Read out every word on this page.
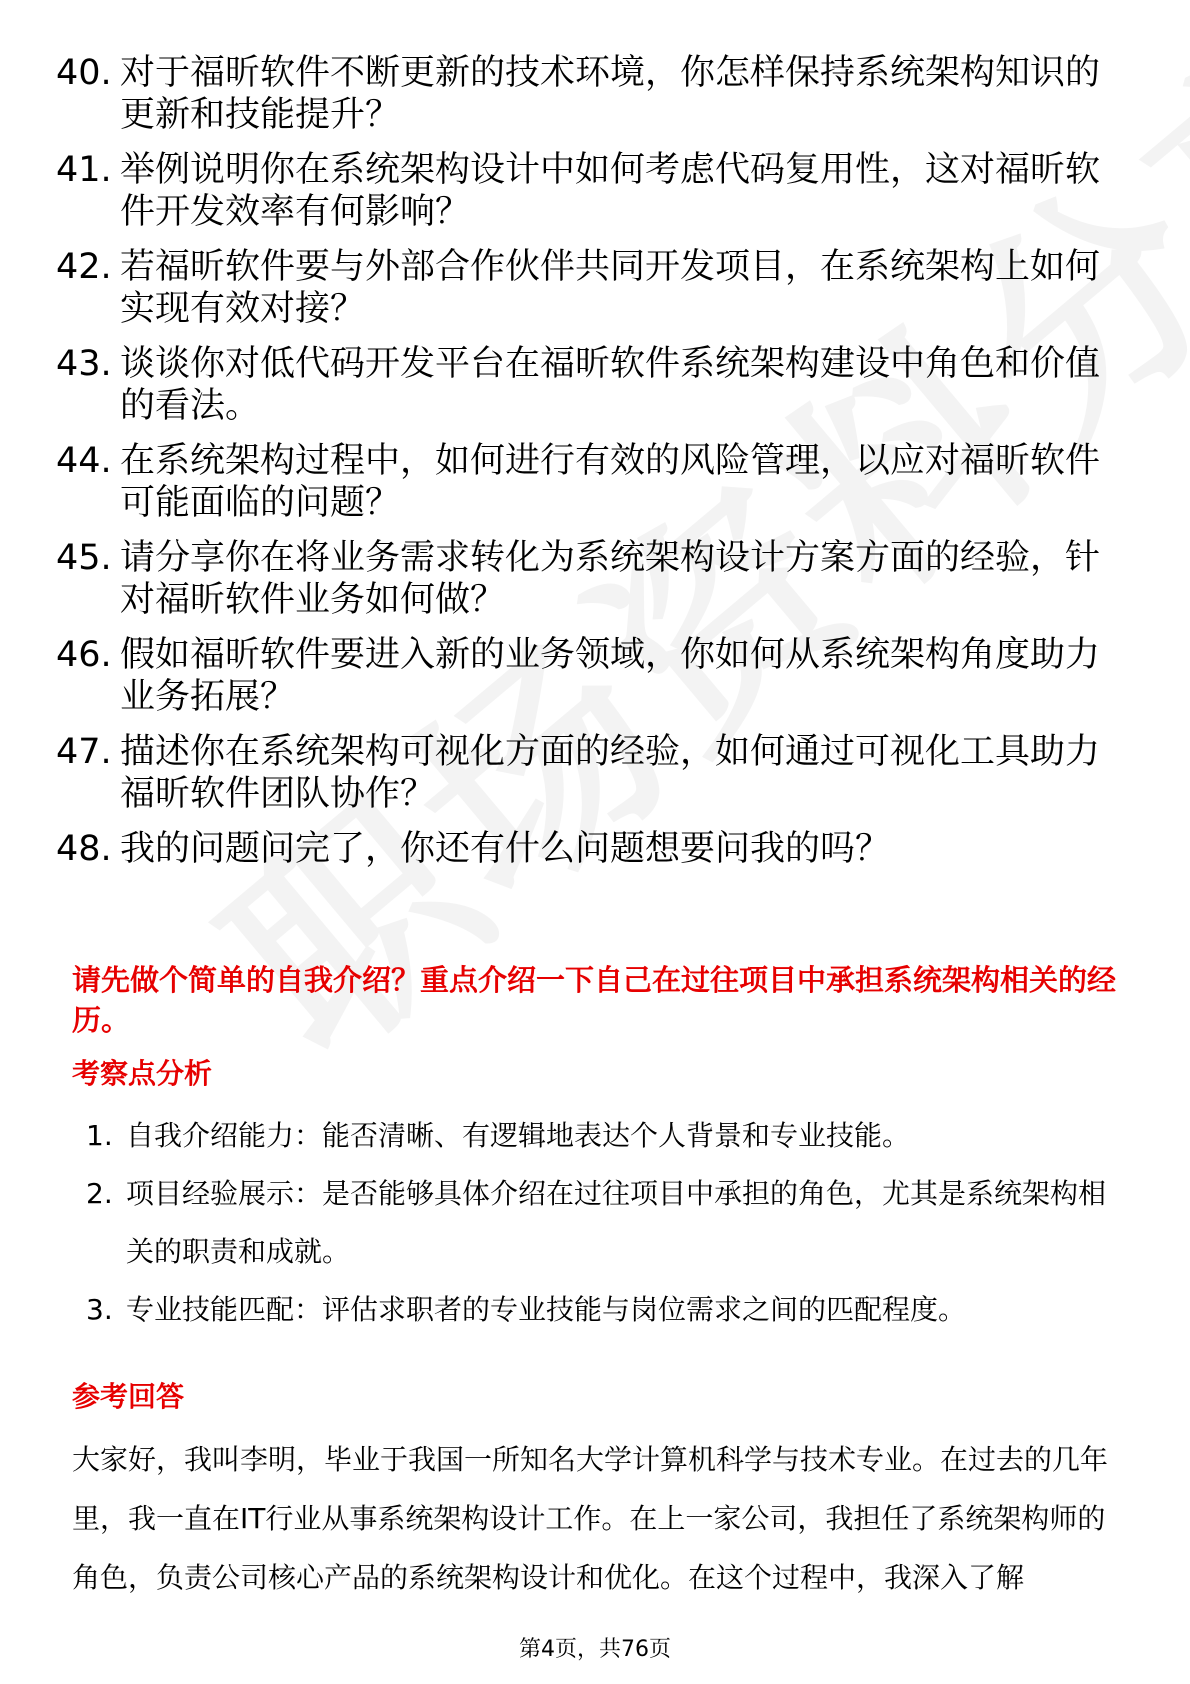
40. 对于福昕软件不断更新的技术环境，你怎样保持系统架构知识的更新和技能提升？
41. 举例说明你在系统架构设计中如何考虑代码复用性，这对福昕软件开发效率有何影响？
42. 若福昕软件要与外部合作伙伴共同开发项目，在系统架构上如何实现有效对接？
43. 谈谈你对低代码开发平台在福昕软件系统架构建设中角色和价值的看法。
44. 在系统架构过程中，如何进行有效的风险管理，以应对福昕软件可能面临的问题？
45. 请分享你在将业务需求转化为系统架构设计方案方面的经验，针对福昕软件业务如何做？
46. 假如福昕软件要进入新的业务领域，你如何从系统架构角度助力业务拓展？
47. 描述你在系统架构可视化方面的经验，如何通过可视化工具助力福昕软件团队协作？
48. 我的问题问完了，你还有什么问题想要问我的吗？
请先做个简单的自我介绍？重点介绍一下自己在过往项目中承担系统架构相关的经历。
考察点分析
1. 自我介绍能力：能否清晰、有逻辑地表达个人背景和专业技能。
2. 项目经验展示：是否能够具体介绍在过往项目中承担的角色，尤其是系统架构相关的职责和成就。
3. 专业技能匹配：评估求职者的专业技能与岗位需求之间的匹配程度。
参考回答
大家好，我叫李明，毕业于我国一所知名大学计算机科学与技术专业。在过去的几年里，我一直在IT行业从事系统架构设计工作。在上一家公司，我担任了系统架构师的角色，负责公司核心产品的系统架构设计和优化。在这个过程中，我深入了解
第4页，共76页
